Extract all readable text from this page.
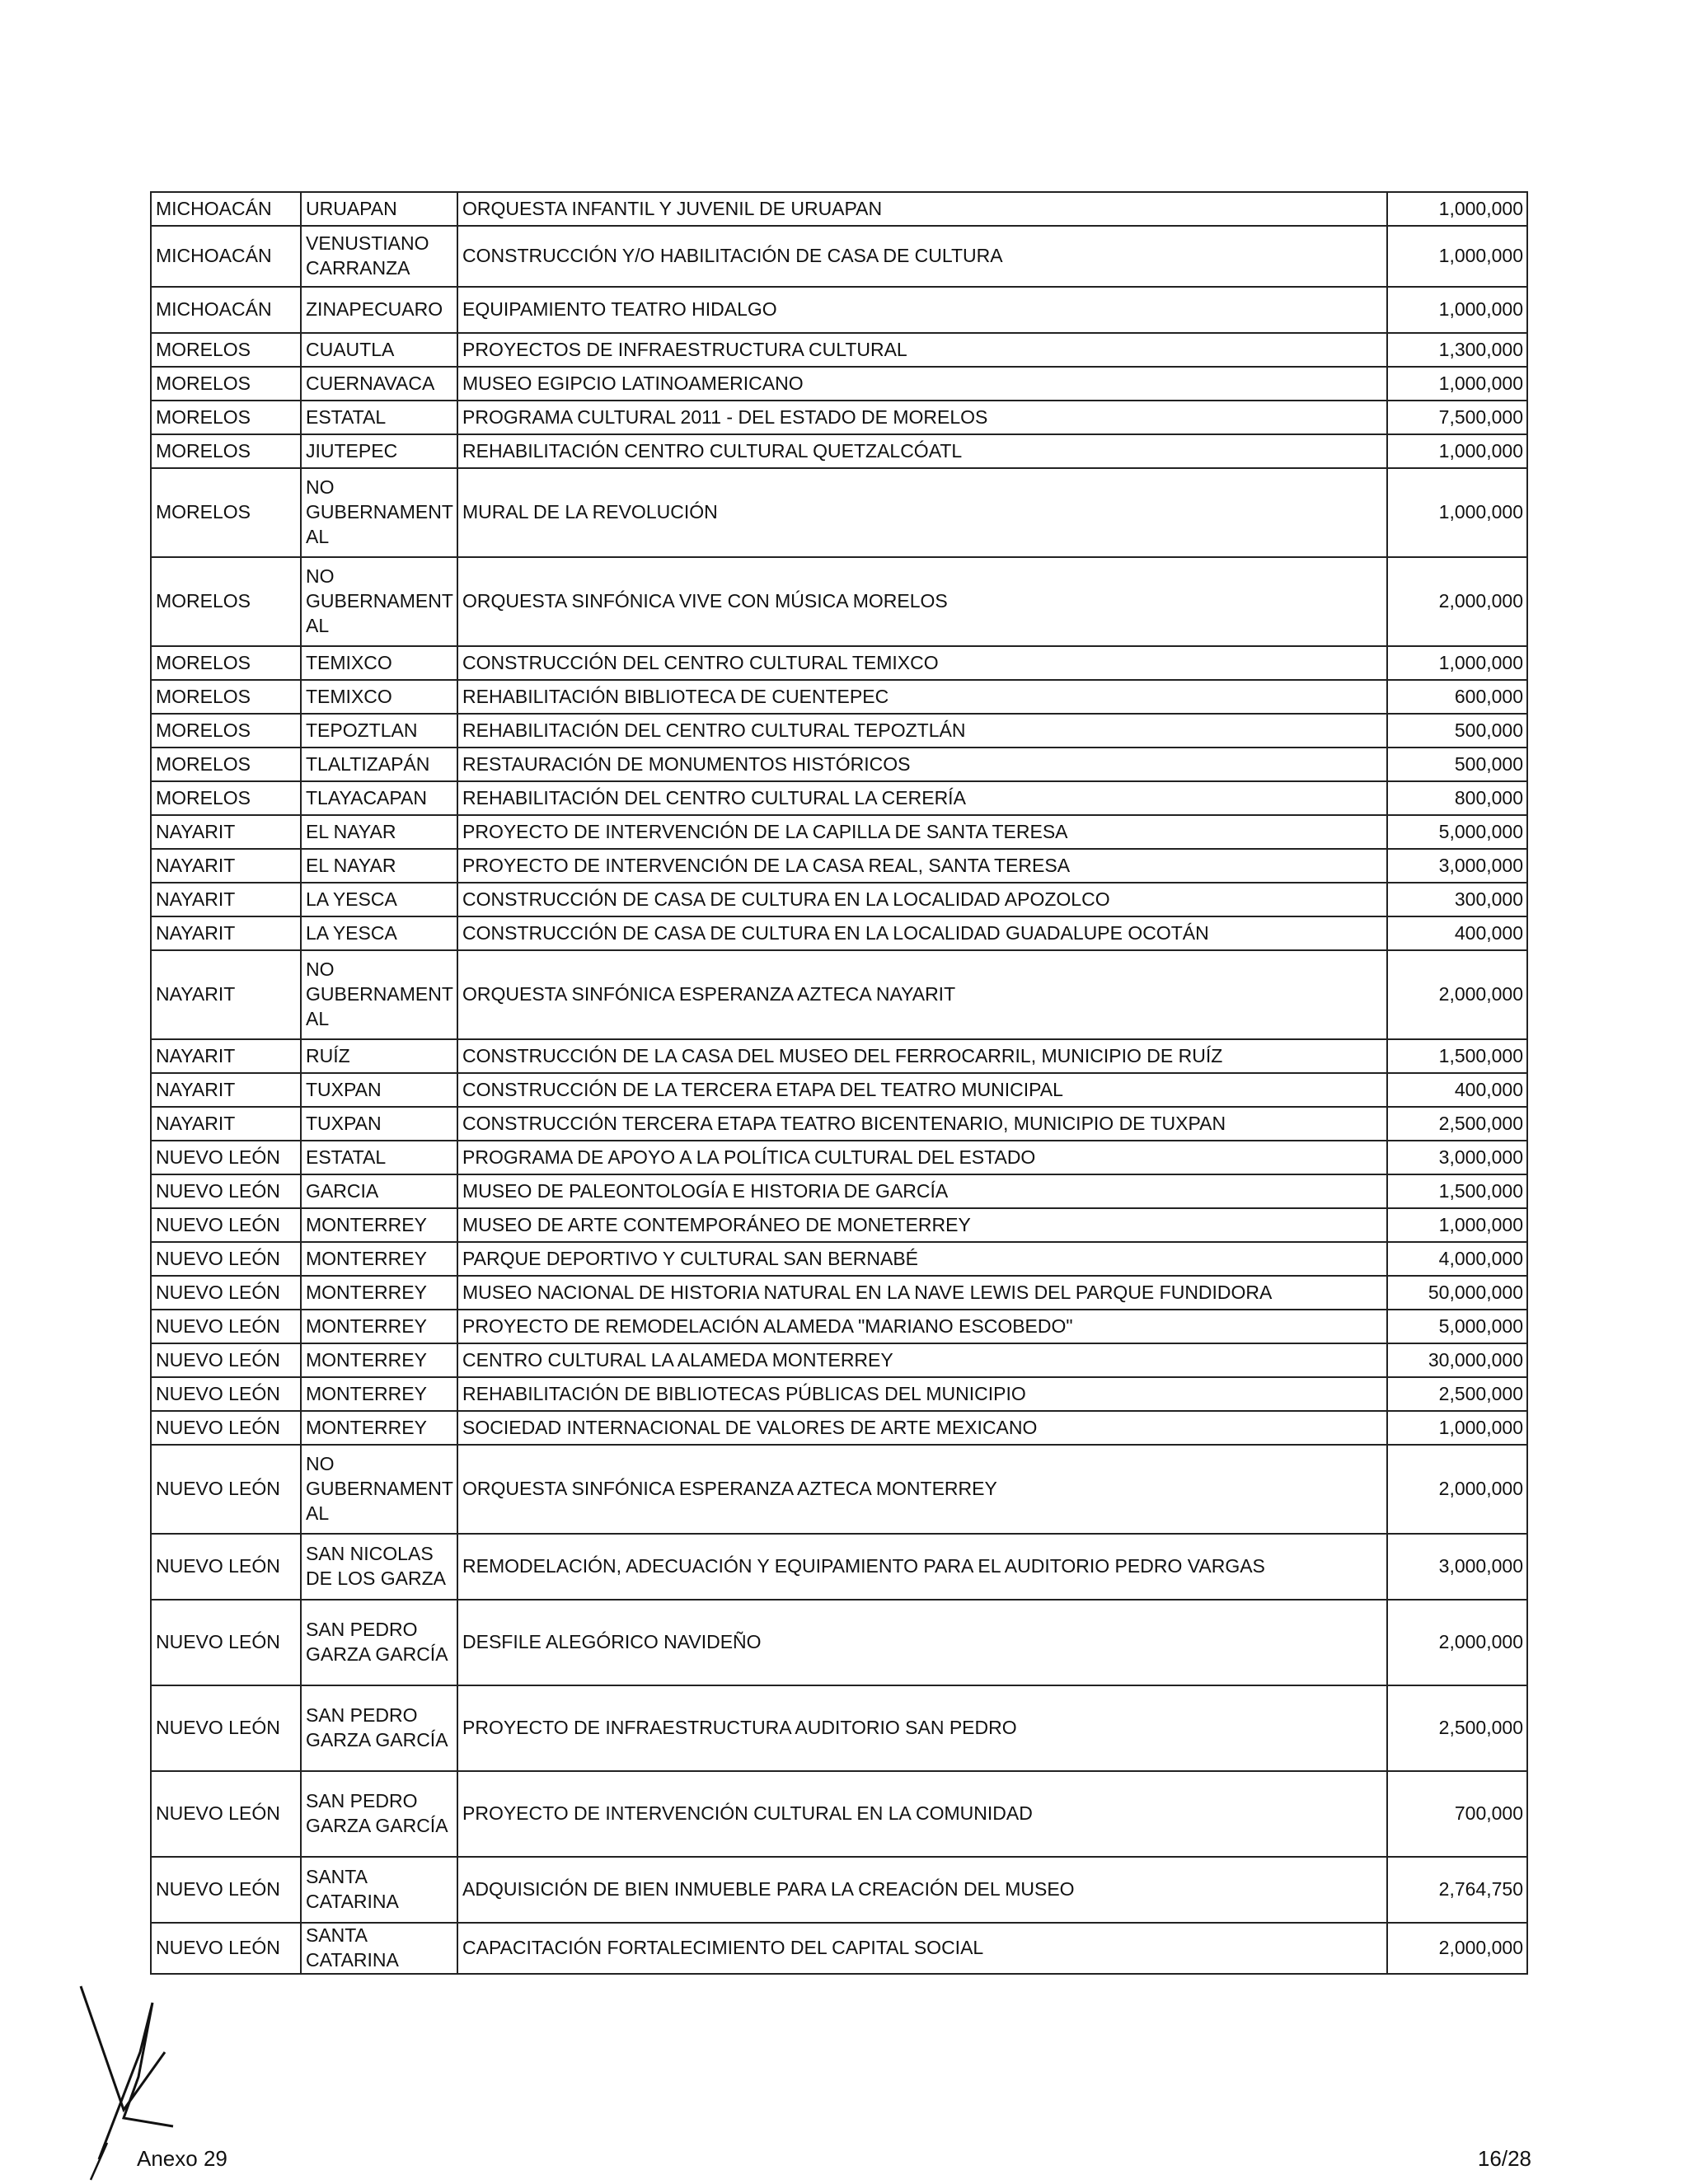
MICHOACÁN	URUAPAN	ORQUESTA INFANTIL Y JUVENIL DE URUAPAN	1,000,000
MICHOACÁN	VENUSTIANO CARRANZA	CONSTRUCCIÓN Y/O HABILITACIÓN DE CASA DE CULTURA	1,000,000
MICHOACÁN	ZINAPECUARO	EQUIPAMIENTO TEATRO HIDALGO	1,000,000
MORELOS	CUAUTLA	PROYECTOS DE INFRAESTRUCTURA CULTURAL	1,300,000
MORELOS	CUERNAVACA	MUSEO EGIPCIO LATINOAMERICANO	1,000,000
MORELOS	ESTATAL	PROGRAMA CULTURAL 2011 - DEL ESTADO DE MORELOS	7,500,000
MORELOS	JIUTEPEC	REHABILITACIÓN CENTRO CULTURAL QUETZALCÓATL	1,000,000
MORELOS	NO GUBERNAMENT AL	MURAL DE LA REVOLUCIÓN	1,000,000
MORELOS	NO GUBERNAMENT AL	ORQUESTA SINFÓNICA VIVE CON MÚSICA MORELOS	2,000,000
MORELOS	TEMIXCO	CONSTRUCCIÓN DEL CENTRO CULTURAL TEMIXCO	1,000,000
MORELOS	TEMIXCO	REHABILITACIÓN BIBLIOTECA DE CUENTEPEC	600,000
MORELOS	TEPOZTLAN	REHABILITACIÓN DEL CENTRO CULTURAL TEPOZTLÁN	500,000
MORELOS	TLALTIZAPÁN	RESTAURACIÓN DE MONUMENTOS HISTÓRICOS	500,000
MORELOS	TLAYACAPAN	REHABILITACIÓN DEL CENTRO CULTURAL LA CERERÍA	800,000
NAYARIT	EL NAYAR	PROYECTO DE INTERVENCIÓN DE LA CAPILLA DE SANTA TERESA	5,000,000
NAYARIT	EL NAYAR	PROYECTO DE INTERVENCIÓN DE LA CASA REAL, SANTA TERESA	3,000,000
NAYARIT	LA YESCA	CONSTRUCCIÓN DE CASA DE CULTURA EN LA LOCALIDAD APOZOLCO	300,000
NAYARIT	LA YESCA	CONSTRUCCIÓN DE CASA DE CULTURA EN LA LOCALIDAD GUADALUPE OCOTÁN	400,000
NAYARIT	NO GUBERNAMENT AL	ORQUESTA SINFÓNICA ESPERANZA AZTECA NAYARIT	2,000,000
NAYARIT	RUÍZ	CONSTRUCCIÓN DE LA CASA DEL MUSEO DEL FERROCARRIL, MUNICIPIO DE RUÍZ	1,500,000
NAYARIT	TUXPAN	CONSTRUCCIÓN DE LA TERCERA ETAPA DEL TEATRO MUNICIPAL	400,000
NAYARIT	TUXPAN	CONSTRUCCIÓN TERCERA ETAPA TEATRO BICENTENARIO, MUNICIPIO DE TUXPAN	2,500,000
NUEVO LEÓN	ESTATAL	PROGRAMA DE APOYO A LA POLÍTICA CULTURAL DEL ESTADO	3,000,000
NUEVO LEÓN	GARCIA	MUSEO DE PALEONTOLOGÍA E HISTORIA DE GARCÍA	1,500,000
NUEVO LEÓN	MONTERREY	MUSEO DE ARTE CONTEMPORÁNEO DE MONETERREY	1,000,000
NUEVO LEÓN	MONTERREY	PARQUE DEPORTIVO Y CULTURAL SAN BERNABÉ	4,000,000
NUEVO LEÓN	MONTERREY	MUSEO NACIONAL DE HISTORIA NATURAL EN LA NAVE LEWIS DEL PARQUE FUNDIDORA	50,000,000
NUEVO LEÓN	MONTERREY	PROYECTO DE REMODELACIÓN ALAMEDA "MARIANO ESCOBEDO"	5,000,000
NUEVO LEÓN	MONTERREY	CENTRO CULTURAL LA ALAMEDA MONTERREY	30,000,000
NUEVO LEÓN	MONTERREY	REHABILITACIÓN DE BIBLIOTECAS PÚBLICAS DEL MUNICIPIO	2,500,000
NUEVO LEÓN	MONTERREY	SOCIEDAD INTERNACIONAL DE VALORES DE ARTE MEXICANO	1,000,000
NUEVO LEÓN	NO GUBERNAMENT AL	ORQUESTA SINFÓNICA ESPERANZA AZTECA MONTERREY	2,000,000
NUEVO LEÓN	SAN NICOLAS DE LOS GARZA	REMODELACIÓN, ADECUACIÓN Y EQUIPAMIENTO PARA EL AUDITORIO PEDRO VARGAS	3,000,000
NUEVO LEÓN	SAN PEDRO GARZA GARCÍA	DESFILE ALEGÓRICO NAVIDEÑO	2,000,000
NUEVO LEÓN	SAN PEDRO GARZA GARCÍA	PROYECTO DE INFRAESTRUCTURA AUDITORIO SAN PEDRO	2,500,000
NUEVO LEÓN	SAN PEDRO GARZA GARCÍA	PROYECTO DE INTERVENCIÓN CULTURAL EN LA COMUNIDAD	700,000
NUEVO LEÓN	SANTA CATARINA	ADQUISICIÓN DE BIEN INMUEBLE PARA LA CREACIÓN DEL MUSEO	2,764,750
NUEVO LEÓN	SANTA CATARINA	CAPACITACIÓN FORTALECIMIENTO DEL CAPITAL SOCIAL	2,000,000
Anexo 29	16/28
